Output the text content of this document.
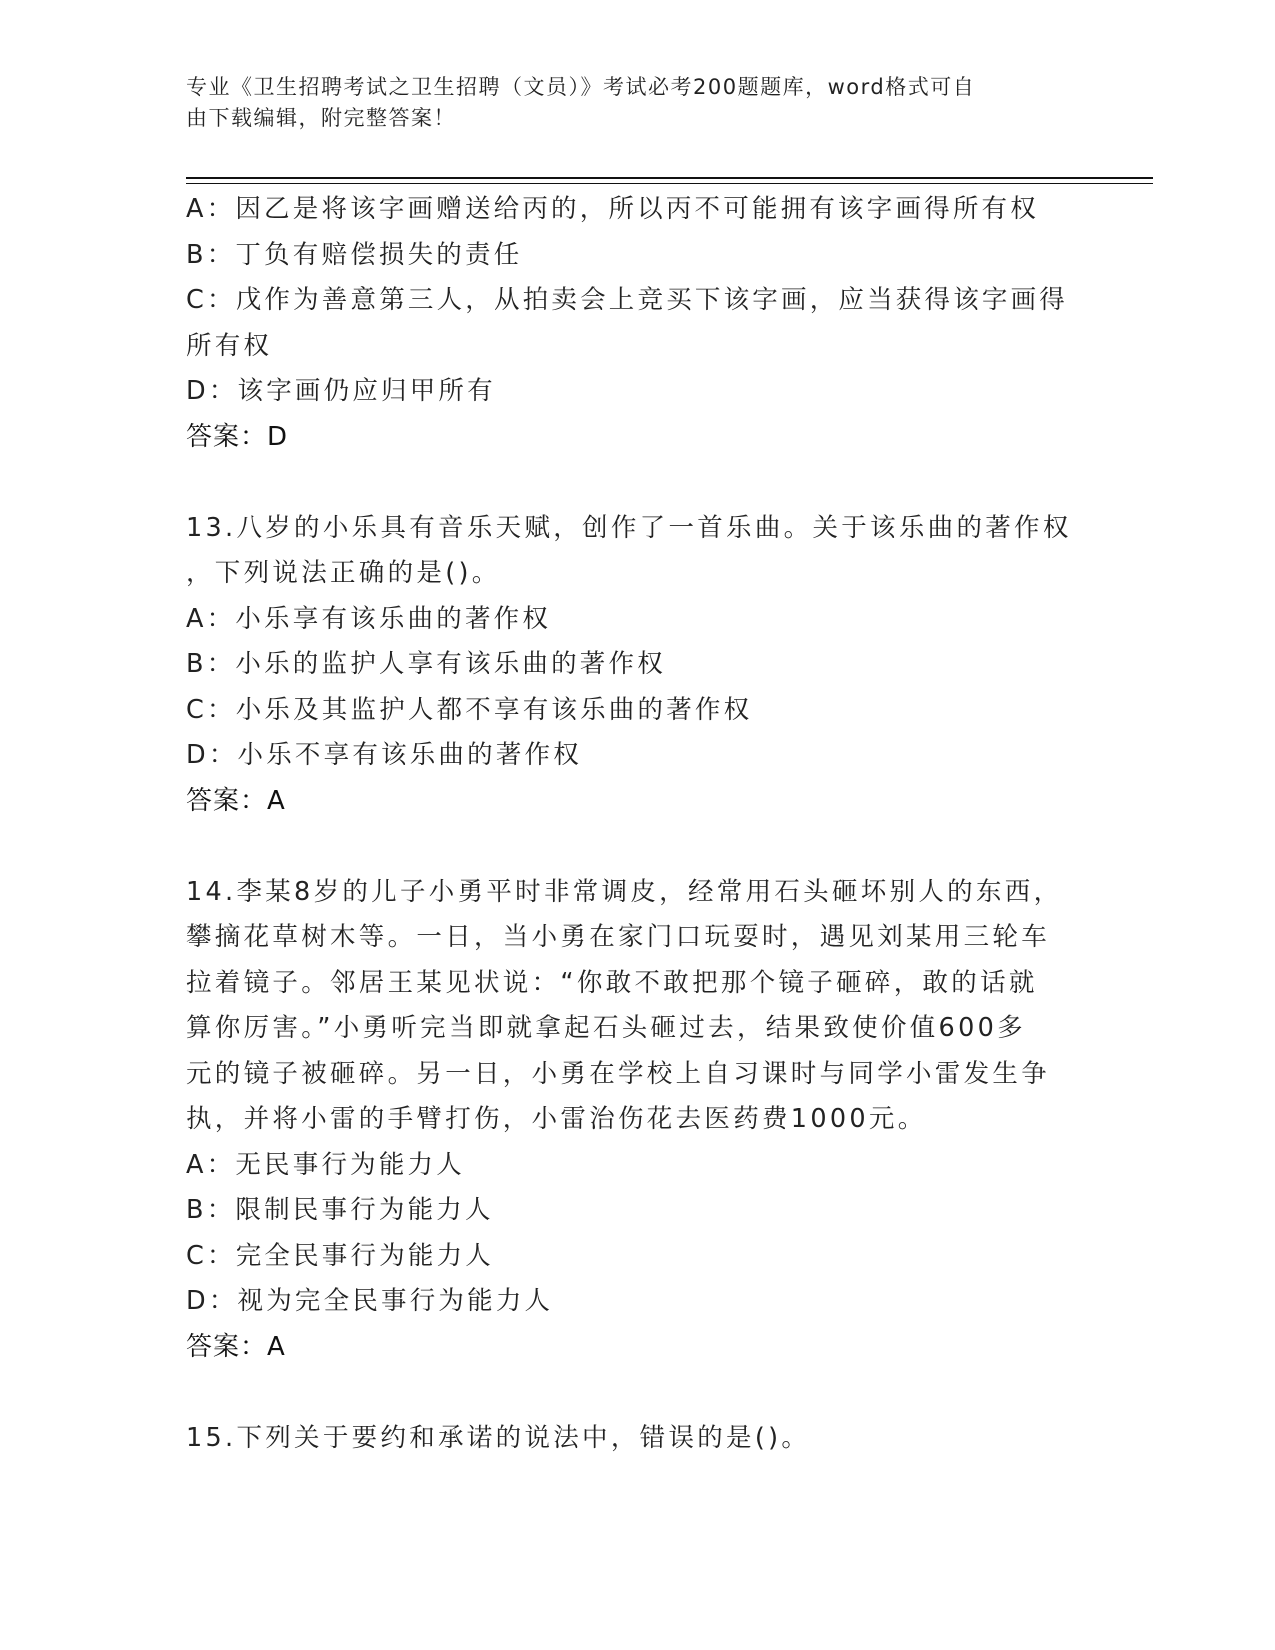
专业《卫生招聘考试之卫生招聘（文员）》考试必考200题题库，word格式可自
由下载编辑，附完整答案！
A：因乙是将该字画赠送给丙的，所以丙不可能拥有该字画得所有权
B：丁负有赔偿损失的责任
C：戊作为善意第三人，从拍卖会上竞买下该字画，应当获得该字画得
所有权
D：该字画仍应归甲所有
答案：D
13.八岁的小乐具有音乐天赋，创作了一首乐曲。关于该乐曲的著作权
，下列说法正确的是()。
A：小乐享有该乐曲的著作权
B：小乐的监护人享有该乐曲的著作权
C：小乐及其监护人都不享有该乐曲的著作权
D：小乐不享有该乐曲的著作权
答案：A
14.李某8岁的儿子小勇平时非常调皮，经常用石头砸坏别人的东西，
攀摘花草树木等。一日，当小勇在家门口玩耍时，遇见刘某用三轮车
拉着镜子。邻居王某见状说：“你敢不敢把那个镜子砸碎，敢的话就
算你厉害。”小勇听完当即就拿起石头砸过去，结果致使价值600多
元的镜子被砸碎。另一日，小勇在学校上自习课时与同学小雷发生争
执，并将小雷的手臂打伤，小雷治伤花去医药费1000元。
A：无民事行为能力人
B：限制民事行为能力人
C：完全民事行为能力人
D：视为完全民事行为能力人
答案：A
15.下列关于要约和承诺的说法中，错误的是()。
